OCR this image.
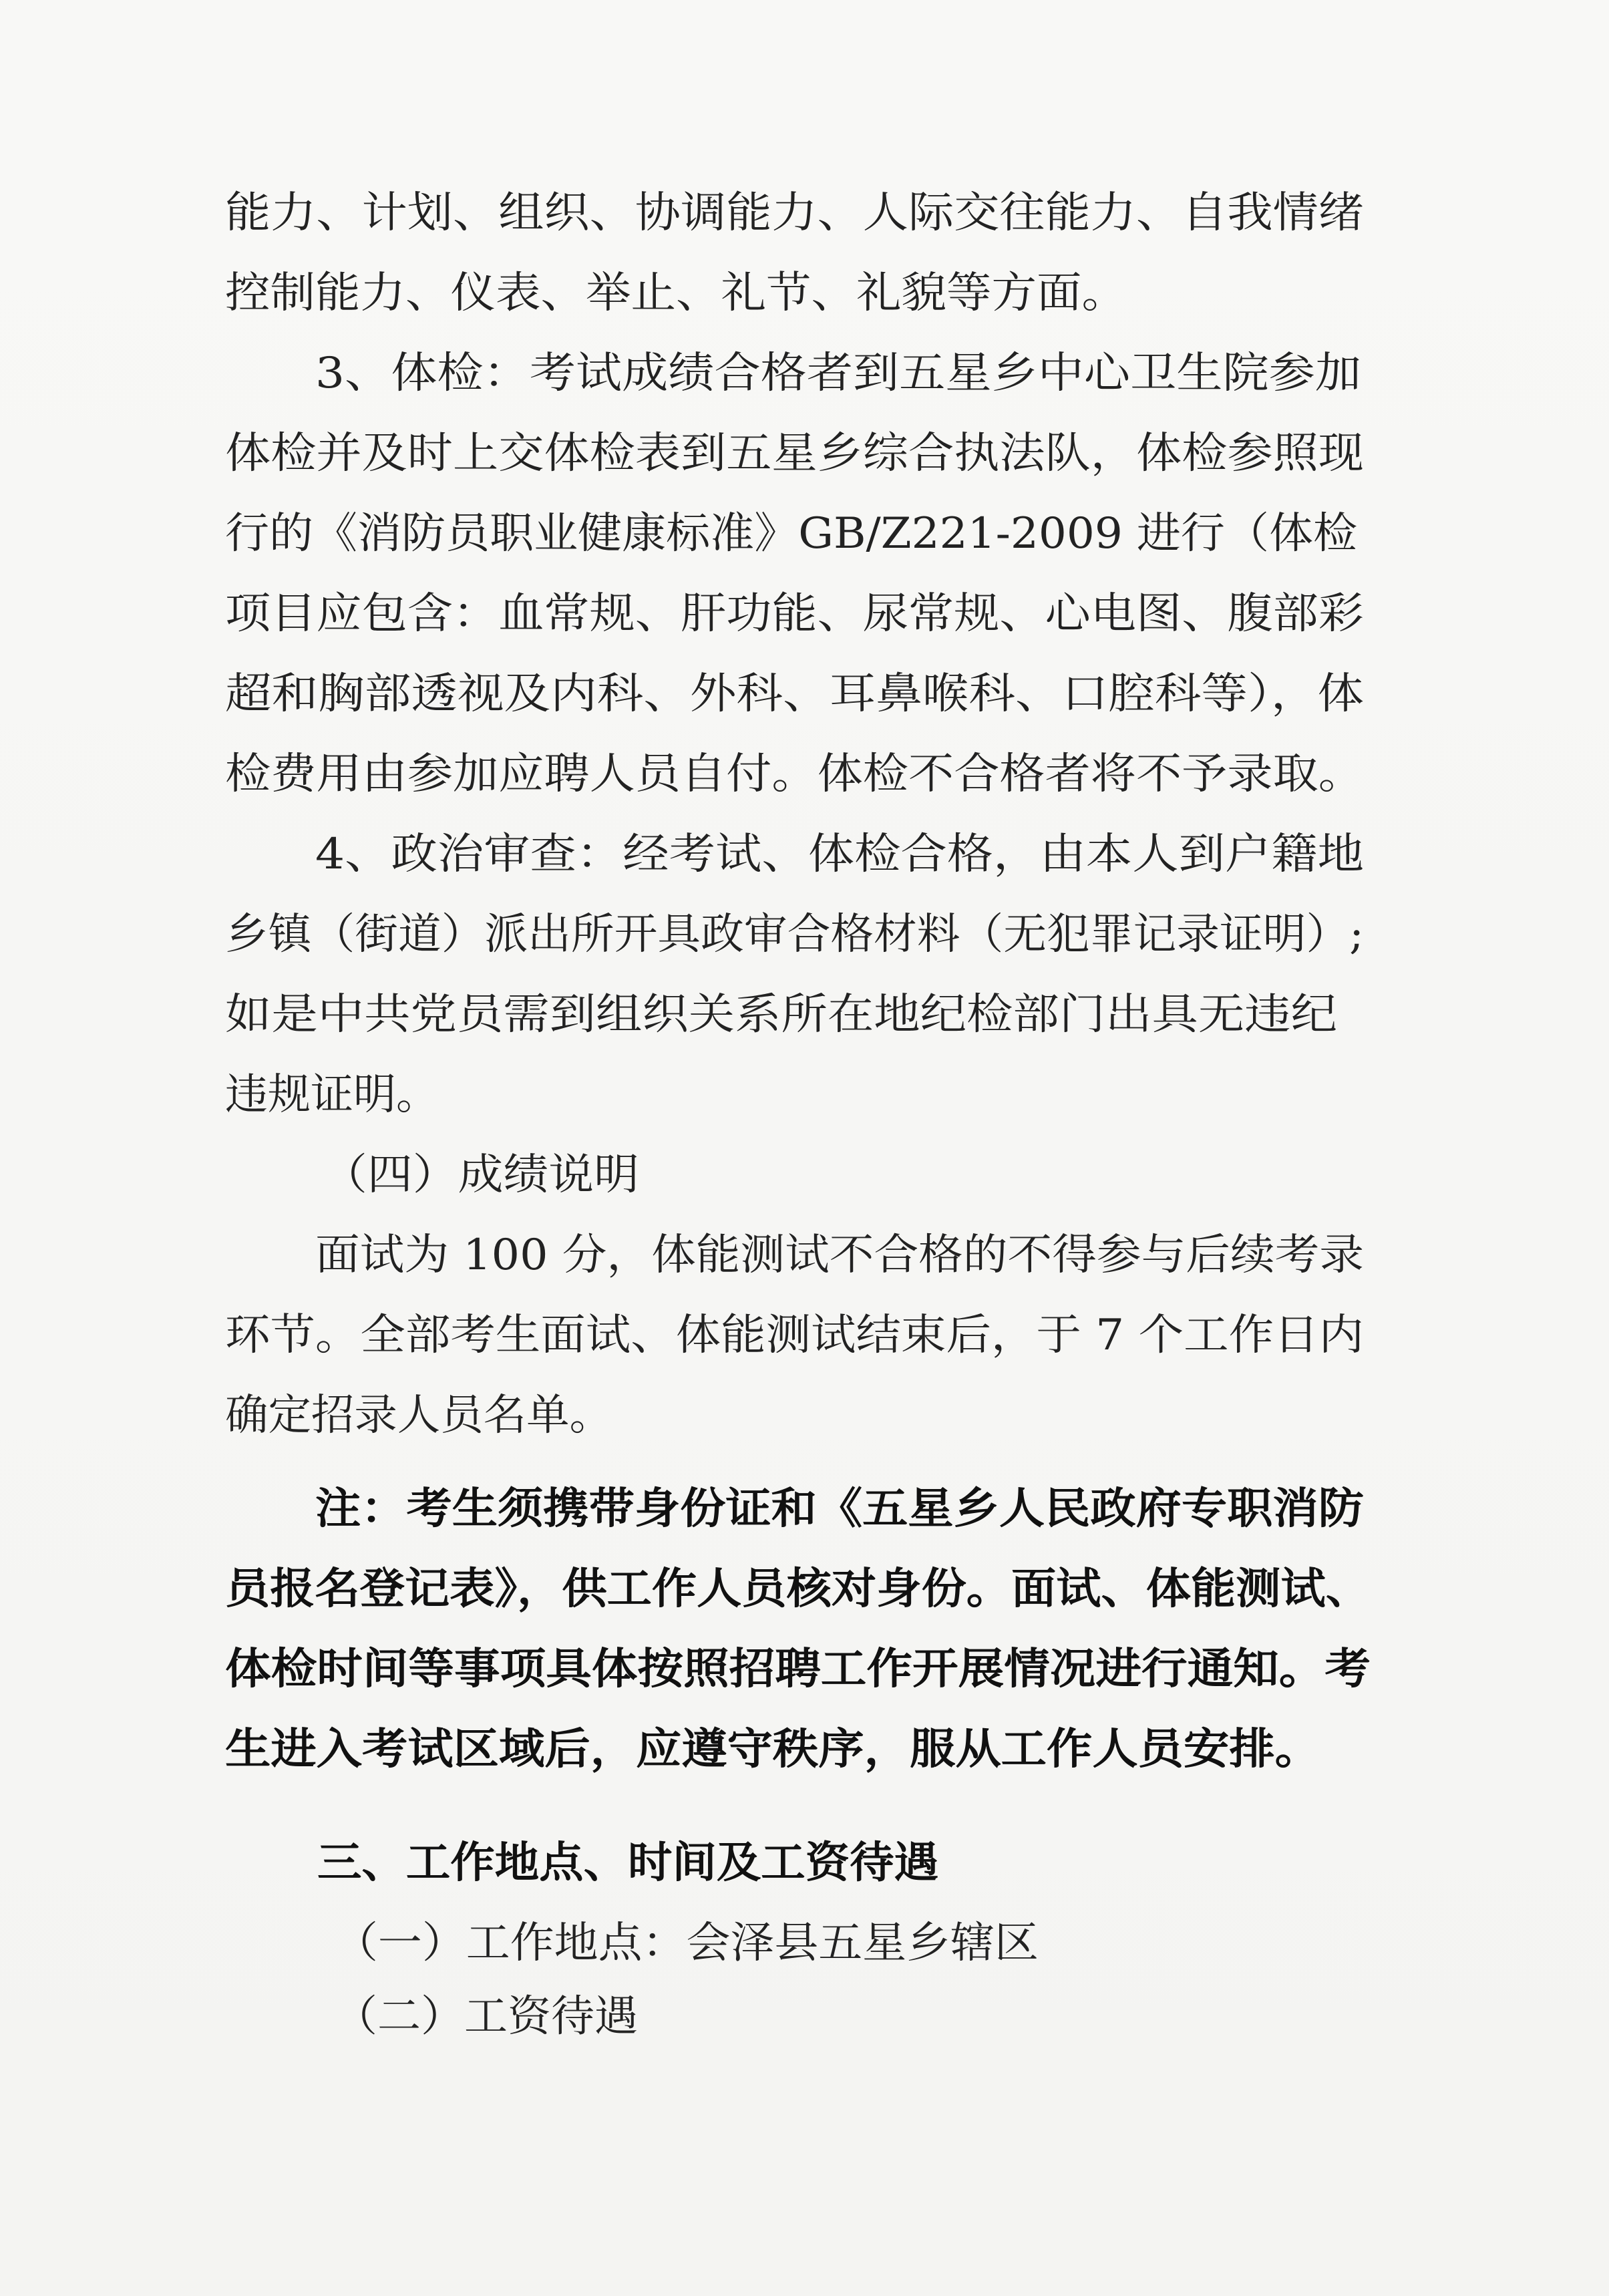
能力、计划、组织、协调能力、人际交往能力、自我情绪
控制能力、仪表、举止、礼节、礼貌等方面。
3、体检：考试成绩合格者到五星乡中心卫生院参加
体检并及时上交体检表到五星乡综合执法队，体检参照现
行的《消防员职业健康标准》GB/Z221-2009 进行（体检
项目应包含：血常规、肝功能、尿常规、心电图、腹部彩
超和胸部透视及内科、外科、耳鼻喉科、口腔科等），体
检费用由参加应聘人员自付。体检不合格者将不予录取。
4、政治审查：经考试、体检合格，由本人到户籍地
乡镇（街道）派出所开具政审合格材料（无犯罪记录证明）;
如是中共党员需到组织关系所在地纪检部门出具无违纪
违规证明。
（四）成绩说明
面试为 100 分，体能测试不合格的不得参与后续考录
环节。全部考生面试、体能测试结束后，于 7 个工作日内
确定招录人员名单。
注：考生须携带身份证和《五星乡人民政府专职消防
员报名登记表》，供工作人员核对身份。面试、体能测试、
体检时间等事项具体按照招聘工作开展情况进行通知。考
生进入考试区域后，应遵守秩序，服从工作人员安排。
三、工作地点、时间及工资待遇
（一）工作地点：会泽县五星乡辖区
（二）工资待遇
